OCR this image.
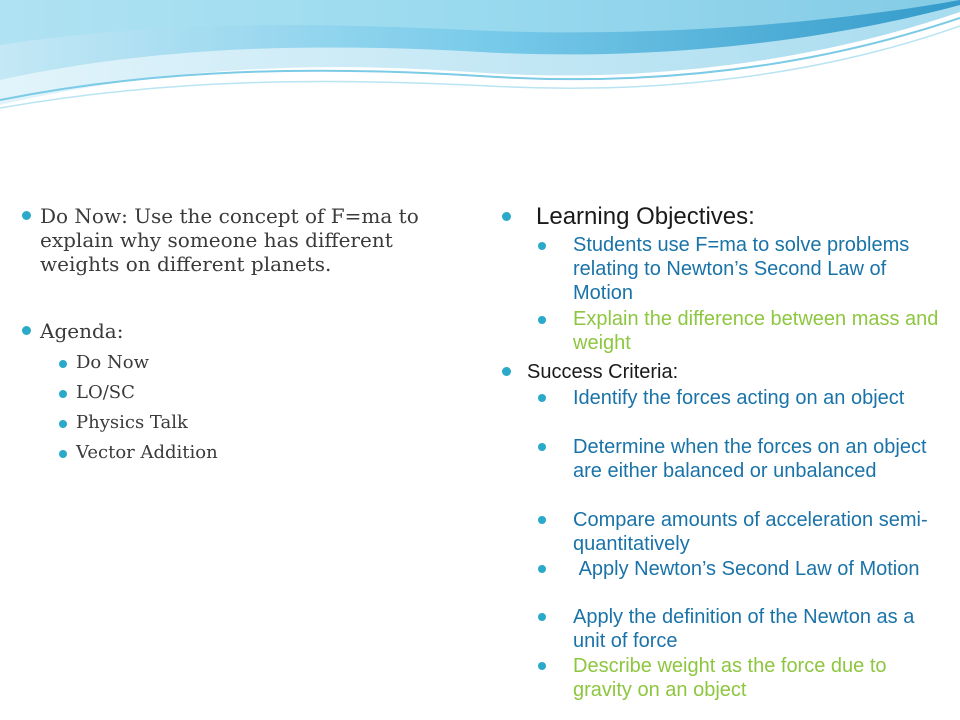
Do Now: Use the concept of F=ma to explain why someone has different weights on different planets.
Agenda:
Do Now
LO/SC
Physics Talk
Vector Addition
Learning Objectives:
Students use F=ma to solve problems relating to Newton’s Second Law of Motion
Explain the difference between mass and weight
Success Criteria:
Identify the forces acting on an object
Determine when the forces on an object are either balanced or unbalanced
Compare amounts of acceleration semi-quantitatively
Apply Newton’s Second Law of Motion
Apply the definition of the Newton as a unit of force
Describe weight as the force due to gravity on an object
